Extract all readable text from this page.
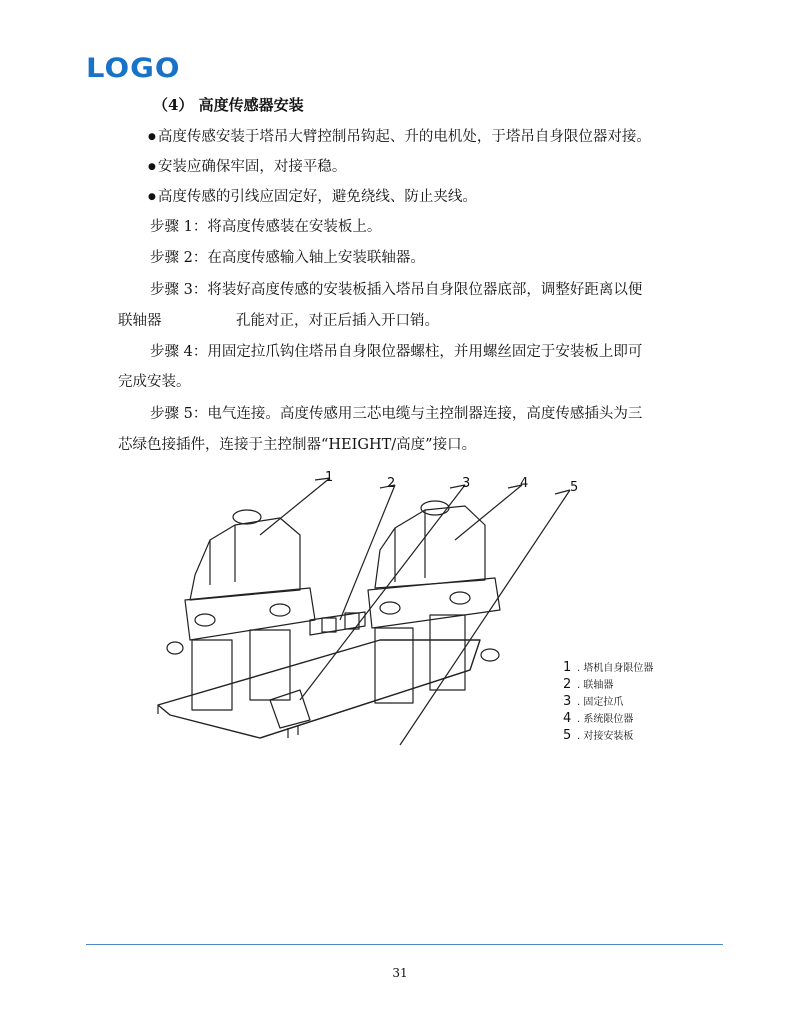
LOGO
（4） 高度传感器安装
● 高度传感安装于塔吊大臂控制吊钩起、升的电机处，于塔吊自身限位器对接。
● 安装应确保牢固，对接平稳。
● 高度传感的引线应固定好，避免绕线、防止夹线。
步骤 1：将高度传感装在安装板上。
步骤 2：在高度传感输入轴上安装联轴器。
步骤 3：将装好高度传感的安装板插入塔吊自身限位器底部，调整好距离以便
联轴器	孔能对正，对正后插入开口销。
步骤 4：用固定拉爪钩住塔吊自身限位器螺柱，并用螺丝固定于安装板上即可
完成安装。
步骤 5：电气连接。高度传感用三芯电缆与主控制器连接，高度传感插头为三
芯绿色接插件，连接于主控制器“HEIGHT/高度”接口。
1	2	3	4	5
1 . 塔机自身限位器
2 . 联轴器
3 . 固定拉爪
4 . 系统限位器
5 . 对接安装板
31
